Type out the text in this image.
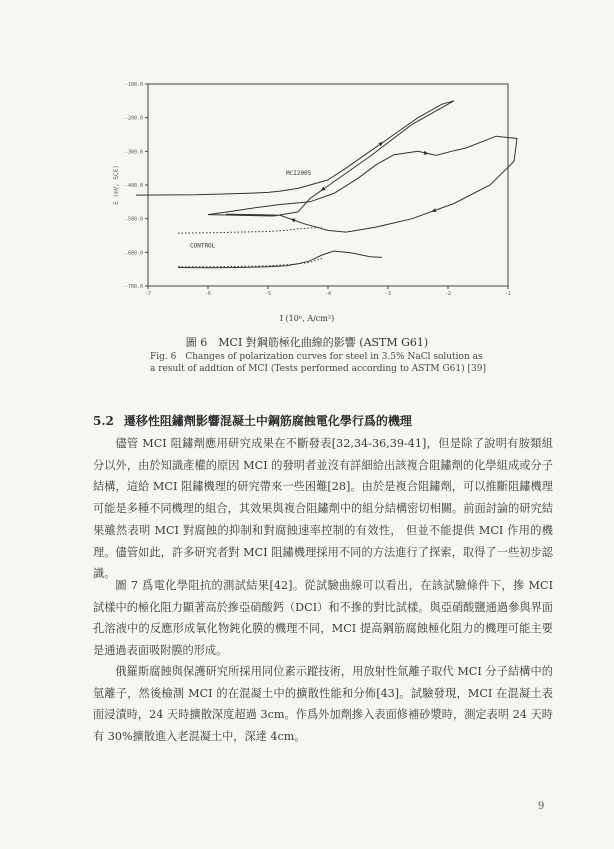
-100.0
-200.0
-300.0
-400.0
-500.0
-600.0
-700.0
-7	-6	-5	-4	-3	-2	-1
E (mV, SCE)	MCI2005
CONTROL
I (10ⁿ, A/cm²)
圖 6　MCI 對鋼筋極化曲線的影響 (ASTM G61)
Fig. 6　Changes of polarization curves for steel in 3.5% NaCl solution as a result of addtion of MCI (Tests performed according to ASTM G61) [39]
5.2 遷移性阻鏽劑影響混凝土中鋼筋腐蝕電化學行爲的機理

儘管 MCI 阻鏽劑應用研究成果在不斷發表[32,34-36,39-41]，但是除了說明有胺類組分以外，由於知識產權的原因 MCI 的發明者並沒有詳細給出該複合阻鏽劑的化學組成或分子結構，這給 MCI 阻鏽機理的研究帶來一些困難[28]。由於是複合阻鏽劑，可以推斷阻鏽機理可能是多種不同機理的組合，其效果與複合阻鏽劑中的組分結構密切相關。前面討論的研究結果雖然表明 MCI 對腐蝕的抑制和對腐蝕速率控制的有效性， 但並不能提供 MCI 作用的機理。儘管如此，許多研究者對 MCI 阻鏽機理採用不同的方法進行了探索，取得了一些初步認識。

圖 7 爲電化學阻抗的測試結果[42]。從試驗曲線可以看出，在該試驗條件下，摻 MCI 試樣中的極化阻力顯著高於摻亞硝酸鈣（DCI）和不摻的對比試樣。與亞硝酸鹽通過參與界面孔溶液中的反應形成氧化物鈍化膜的機理不同，MCI 提高鋼筋腐蝕極化阻力的機理可能主要是通過表面吸附膜的形成。

俄羅斯腐蝕與保護研究所採用同位素示蹤技術，用放射性氚離子取代 MCI 分子結構中的氫離子，然後檢測 MCI 的在混凝土中的擴散性能和分佈[43]。試驗發現，MCI 在混凝土表面浸漬時，24 天時擴散深度超過 3cm。作爲外加劑摻入表面修補砂漿時，測定表明 24 天時有 30%擴散進入老混凝土中，深達 4cm。

9
